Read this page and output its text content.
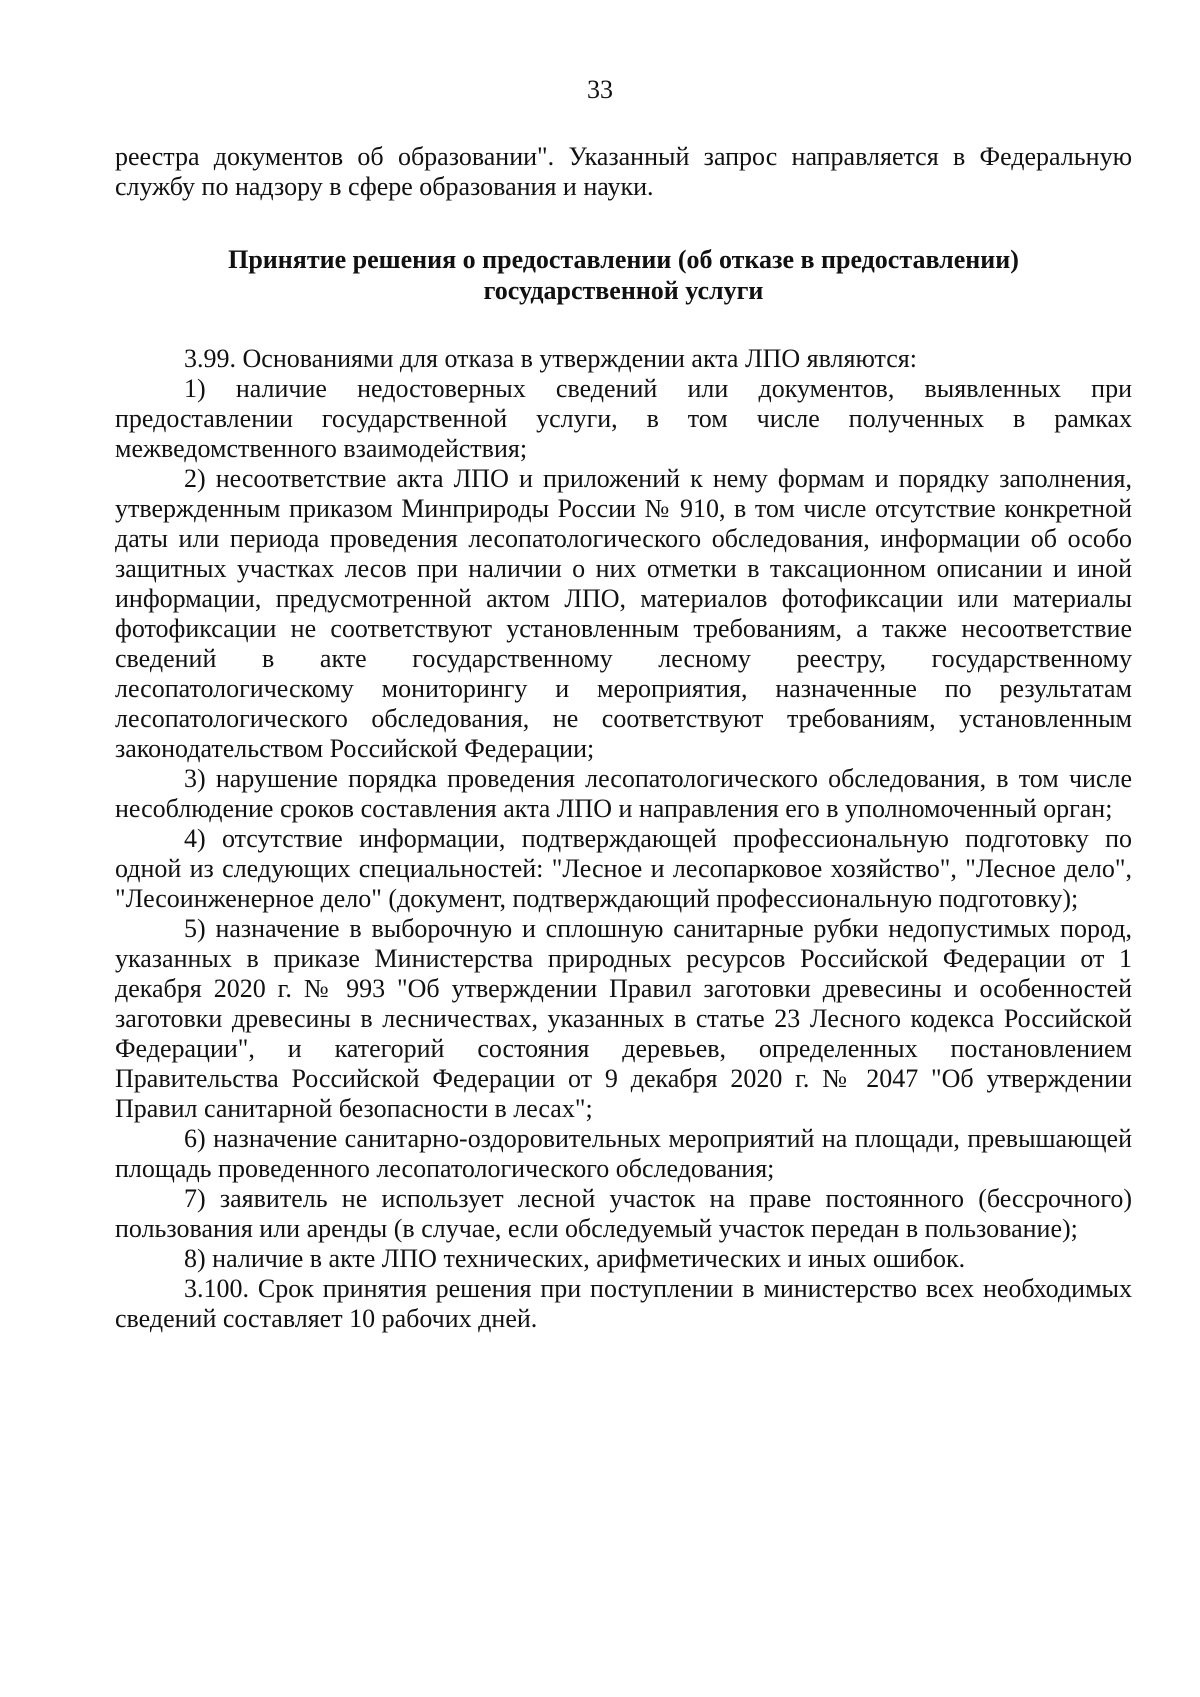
33

реестра документов об образовании". Указанный запрос направляется в Федеральную службу по надзору в сфере образования и науки.

Принятие решения о предоставлении (об отказе в предоставлении)
государственной услуги

3.99. Основаниями для отказа в утверждении акта ЛПО являются:

1) наличие недостоверных сведений или документов, выявленных при предоставлении государственной услуги, в том числе полученных в рамках межведомственного взаимодействия;

2) несоответствие акта ЛПО и приложений к нему формам и порядку заполнения, утвержденным приказом Минприроды России № 910, в том числе отсутствие конкретной даты или периода проведения лесопатологического обследования, информации об особо защитных участках лесов при наличии о них отметки в таксационном описании и иной информации, предусмотренной актом ЛПО, материалов фотофиксации или материалы фотофиксации не соответствуют установленным требованиям, а также несоответствие сведений в акте государственному лесному реестру, государственному лесопатологическому мониторингу и мероприятия, назначенные по результатам лесопатологического обследования, не соответствуют требованиям, установленным законодательством Российской Федерации;

3) нарушение порядка проведения лесопатологического обследования, в том числе несоблюдение сроков составления акта ЛПО и направления его в уполномоченный орган;

4) отсутствие информации, подтверждающей профессиональную подготовку по одной из следующих специальностей: "Лесное и лесопарковое хозяйство", "Лесное дело", "Лесоинженерное дело" (документ, подтверждающий профессиональную подготовку);

5) назначение в выборочную и сплошную санитарные рубки недопустимых пород, указанных в приказе Министерства природных ресурсов Российской Федерации от 1 декабря 2020 г. № 993 "Об утверждении Правил заготовки древесины и особенностей заготовки древесины в лесничествах, указанных в статье 23 Лесного кодекса Российской Федерации", и категорий состояния деревьев, определенных постановлением Правительства Российской Федерации от 9 декабря 2020 г. № 2047 "Об утверждении Правил санитарной безопасности в лесах";

6) назначение санитарно-оздоровительных мероприятий на площади, превышающей площадь проведенного лесопатологического обследования;

7) заявитель не использует лесной участок на праве постоянного (бессрочного) пользования или аренды (в случае, если обследуемый участок передан в пользование);

8) наличие в акте ЛПО технических, арифметических и иных ошибок.

3.100. Срок принятия решения при поступлении в министерство всех необходимых сведений составляет 10 рабочих дней.
